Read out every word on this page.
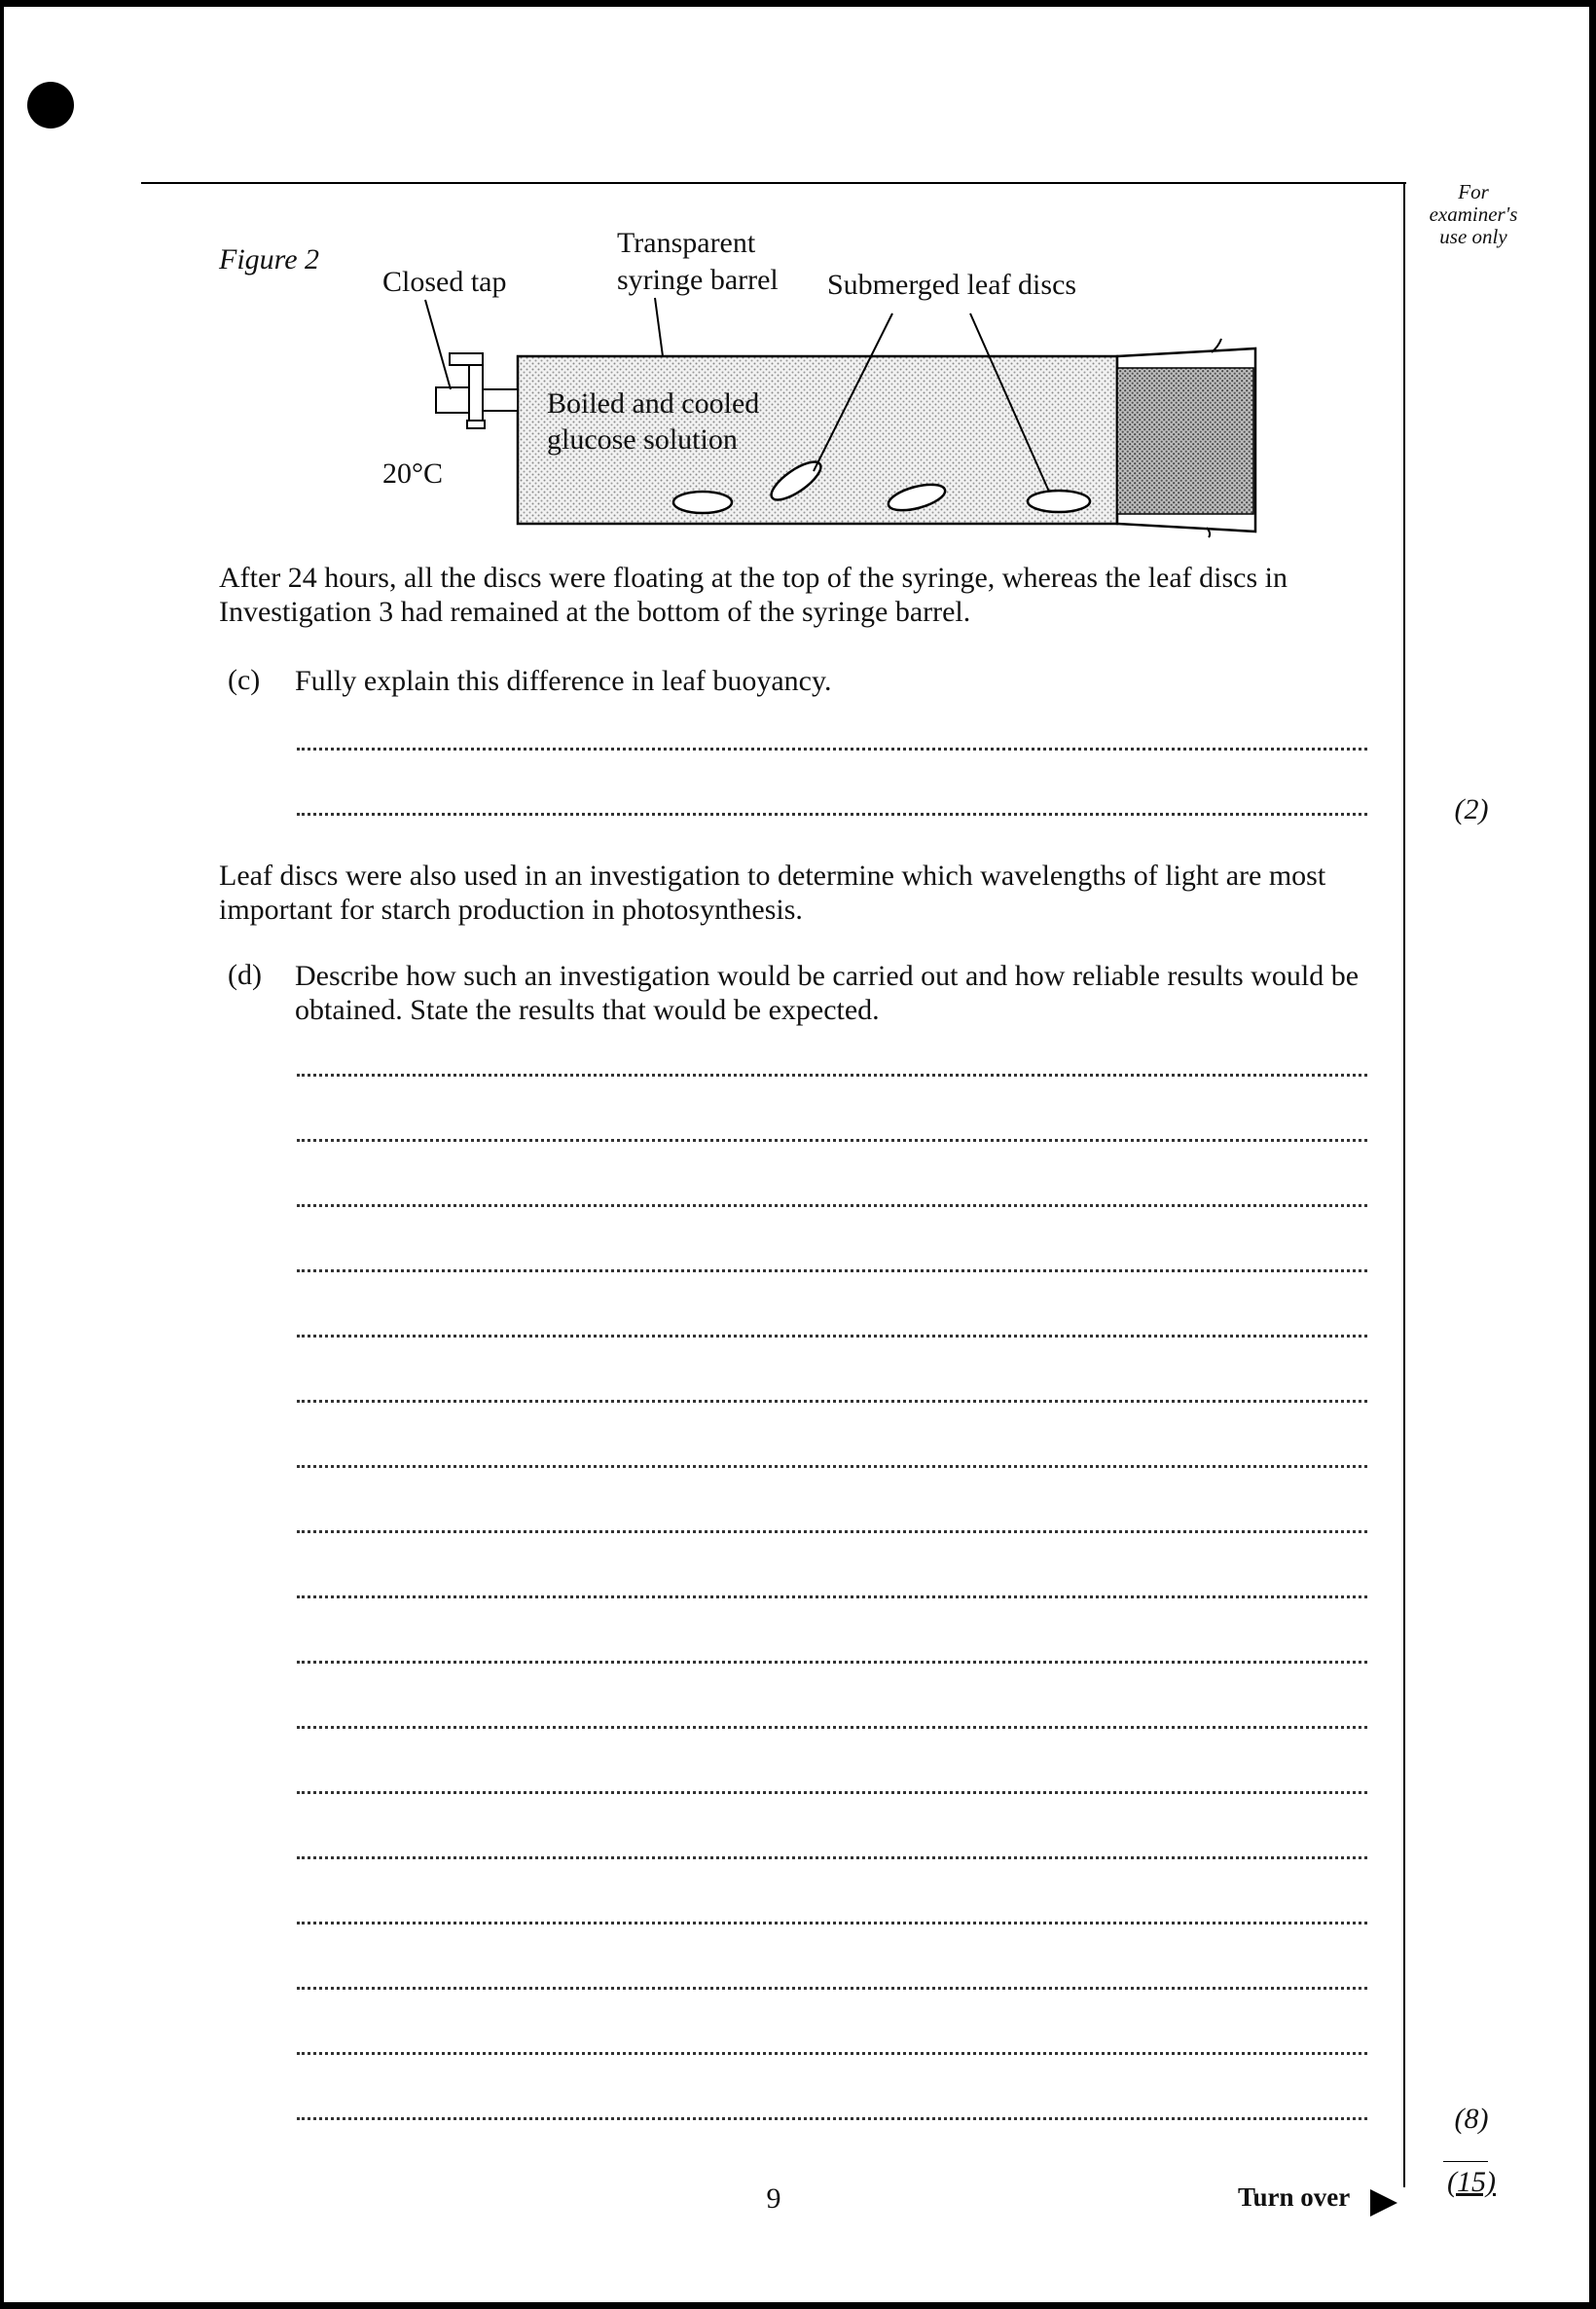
For
examiner's
use only
Figure 2
Closed tap
Transparent
syringe barrel Submerged leaf discs
Boiled and cooled
glucose solution
20°C

After 24 hours, all the discs were floating at the top of the syringe, whereas the leaf discs in Investigation 3 had remained at the bottom of the syringe barrel.

(c) Fully explain this difference in leaf buoyancy.

(2)

Leaf discs were also used in an investigation to determine which wavelengths of light are most important for starch production in photosynthesis.

(d) Describe how such an investigation would be carried out and how reliable results would be obtained. State the results that would be expected.

(8)
(15)
9	Turn over
